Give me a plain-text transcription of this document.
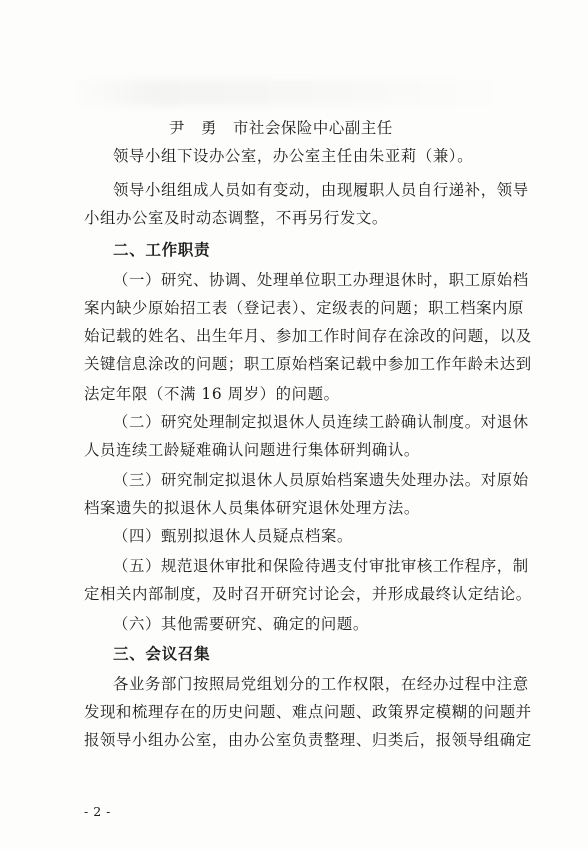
尹　勇　市社会保险中心副主任
领导小组下设办公室，办公室主任由朱亚莉（兼）。
领导小组组成人员如有变动，由现履职人员自行递补，领导
小组办公室及时动态调整，不再另行发文。
二、工作职责
（一）研究、协调、处理单位职工办理退休时，职工原始档
案内缺少原始招工表（登记表）、定级表的问题；职工档案内原
始记载的姓名、出生年月、参加工作时间存在涂改的问题，以及
关键信息涂改的问题；职工原始档案记载中参加工作年龄未达到
法定年限（不满 16 周岁）的问题。
（二）研究处理制定拟退休人员连续工龄确认制度。对退休
人员连续工龄疑难确认问题进行集体研判确认。
（三）研究制定拟退休人员原始档案遗失处理办法。对原始
档案遗失的拟退休人员集体研究退休处理方法。
（四）甄别拟退休人员疑点档案。
（五）规范退休审批和保险待遇支付审批审核工作程序，制
定相关内部制度，及时召开研究讨论会，并形成最终认定结论。
（六）其他需要研究、确定的问题。
三、会议召集
各业务部门按照局党组划分的工作权限，在经办过程中注意
发现和梳理存在的历史问题、难点问题、政策界定模糊的问题并
报领导小组办公室，由办公室负责整理、归类后，报领导组确定
- 2 -
